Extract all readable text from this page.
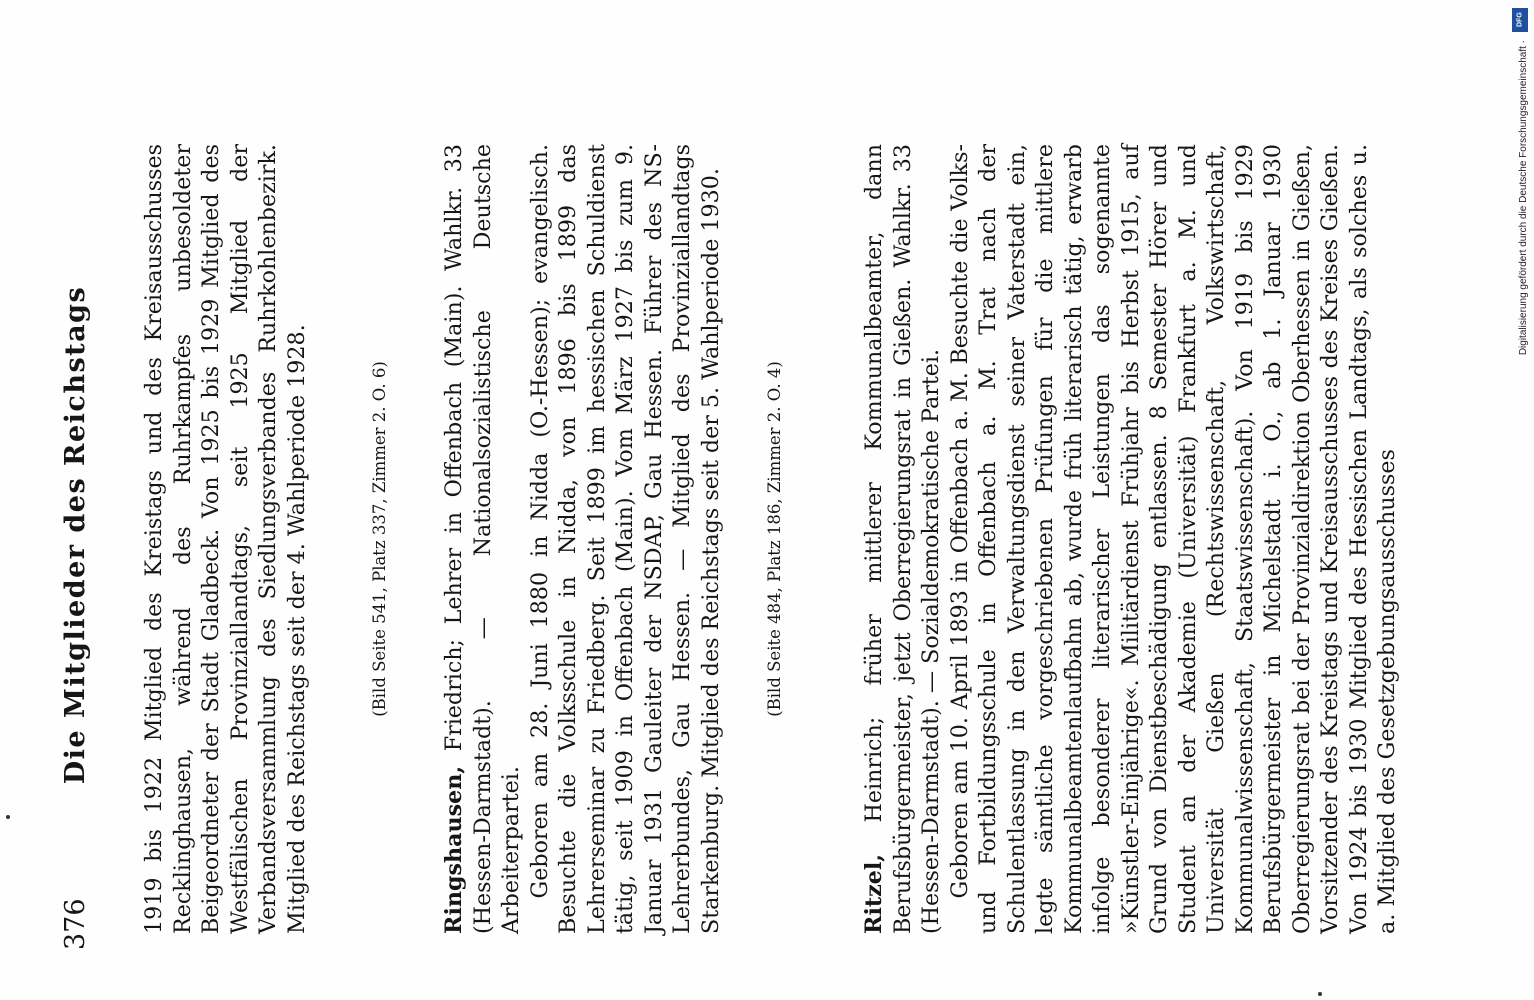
376
Die Mitglieder des Reichstags 1919 bis 1922 Mitglied des Kreistags und des Kreisausschusses Recklinghausen, während des Ruhrkampfes unbesoldeter Beigeordneter der Stadt Gladbeck. Von 1925 bis 1929 Mitglied des Westfälischen Provinziallandtags, seit 1925 Mitglied der Verbandsversammlung des Siedlungsverbandes Ruhrkohlenbezirk. Mitglied des Reichstags seit der 4. Wahlperiode 1928.	(Bild Seite 541, Platz 337, Zimmer 2. O. 6)

Ringshausen, Friedrich; Lehrer in Offenbach (Main). Wahlkr. 33 (Hessen-Darmstadt). — Nationalsozialistische Deutsche Arbeiterpartei. Geboren am 28. Juni 1880 in Nidda (O.-Hessen); evangelisch. Besuchte die Volksschule in Nidda, von 1896 bis 1899 das Lehrerseminar zu Friedberg. Seit 1899 im hessischen Schuldienst tätig, seit 1909 in Offenbach (Main). Vom März 1927 bis zum 9. Januar 1931 Gauleiter der NSDAP, Gau Hessen. Führer des NS-Lehrerbundes, Gau Hessen. — Mitglied des Provinziallandtags Starkenburg. Mitglied des Reichstags seit der 5. Wahlperiode 1930.	(Bild Seite 484, Platz 186, Zimmer 2. O. 4)

Ritzel, Heinrich; früher mittlerer Kommunalbeamter, dann Berufsbürgermeister, jetzt Oberregierungsrat in Gießen. Wahlkr. 33 (Hessen-Darmstadt). — Sozialdemokratische Partei. Geboren am 10. April 1893 in Offenbach a. M. Besuchte die Volks- und Fortbildungsschule in Offenbach a. M. Trat nach der Schulentlassung in den Verwaltungsdienst seiner Vaterstadt ein, legte sämtliche vorgeschriebenen Prüfungen für die mittlere Kommunalbeamtenlaufbahn ab, wurde früh literarisch tätig, erwarb infolge besonderer literarischer Leistungen das sogenannte »Künstler-Einjährige«. Militärdienst Frühjahr bis Herbst 1915, auf Grund von Dienstbeschädigung entlassen. 8 Semester Hörer und Student an der Akademie (Universität) Frankfurt a. M. und Universität Gießen (Rechtswissenschaft, Volkswirtschaft, Kommunalwissenschaft, Staatswissenschaft). Von 1919 bis 1929 Berufsbürgermeister in Michelstadt i. O., ab 1. Januar 1930 Oberregierungsrat bei der Provinzialdirektion Oberhessen in Gießen, Vorsitzender des Kreistags und Kreisausschusses des Kreises Gießen. Von 1924 bis 1930 Mitglied des Hessischen Landtags, als solches u. a. Mitglied des Gesetzgebungsausschusses

DFG
Digitalisierung gefördert durch die Deutsche Forschungsgemeinschaft ·
